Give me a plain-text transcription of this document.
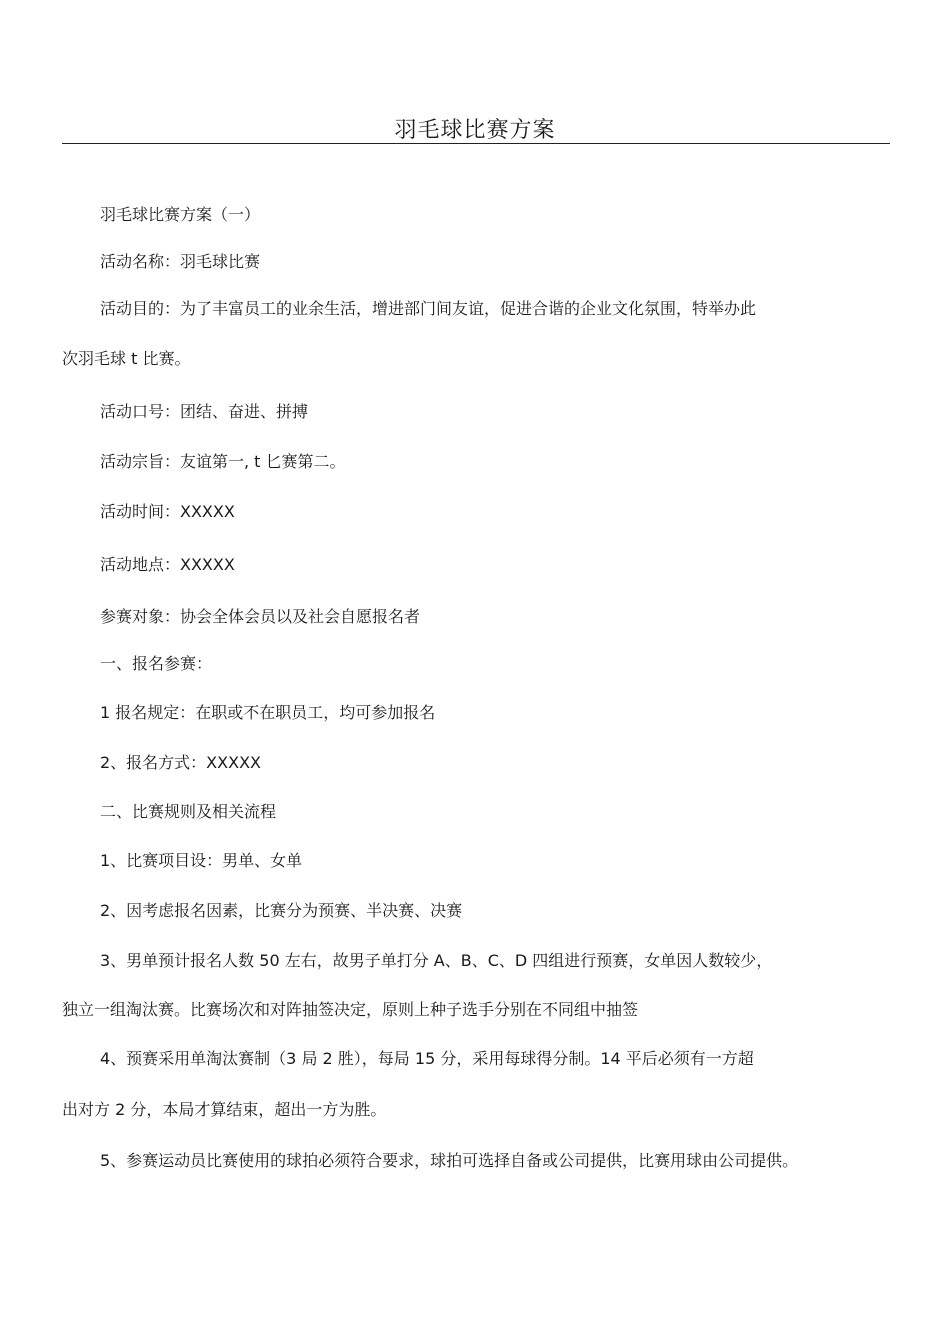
羽毛球比赛方案
羽毛球比赛方案（一）
活动名称：羽毛球比赛
活动目的：为了丰富员工的业余生活，增进部门间友谊，促进合谐的企业文化氛围，特举办此
次羽毛球 t 比赛。
活动口号：团结、奋进、拼搏
活动宗旨：友谊第一, t 匕赛第二。
活动时间：XXXXX
活动地点：XXXXX
参赛对象：协会全体会员以及社会自愿报名者
一、报名参赛：
1 报名规定：在职或不在职员工，均可参加报名
2、报名方式：XXXXX
二、比赛规则及相关流程
1、比赛项目设：男单、女单
2、因考虑报名因素，比赛分为预赛、半决赛、决赛
3、男单预计报名人数 50 左右，故男子单打分 A、B、C、D 四组进行预赛，女单因人数较少，
独立一组淘汰赛。比赛场次和对阵抽签决定，原则上种子选手分别在不同组中抽签
4、预赛采用单淘汰赛制（3 局 2 胜），每局 15 分，采用每球得分制。14 平后必须有一方超
出对方 2 分，本局才算结束，超出一方为胜。
5、参赛运动员比赛使用的球拍必须符合要求，球拍可选择自备或公司提供，比赛用球由公司提供。
